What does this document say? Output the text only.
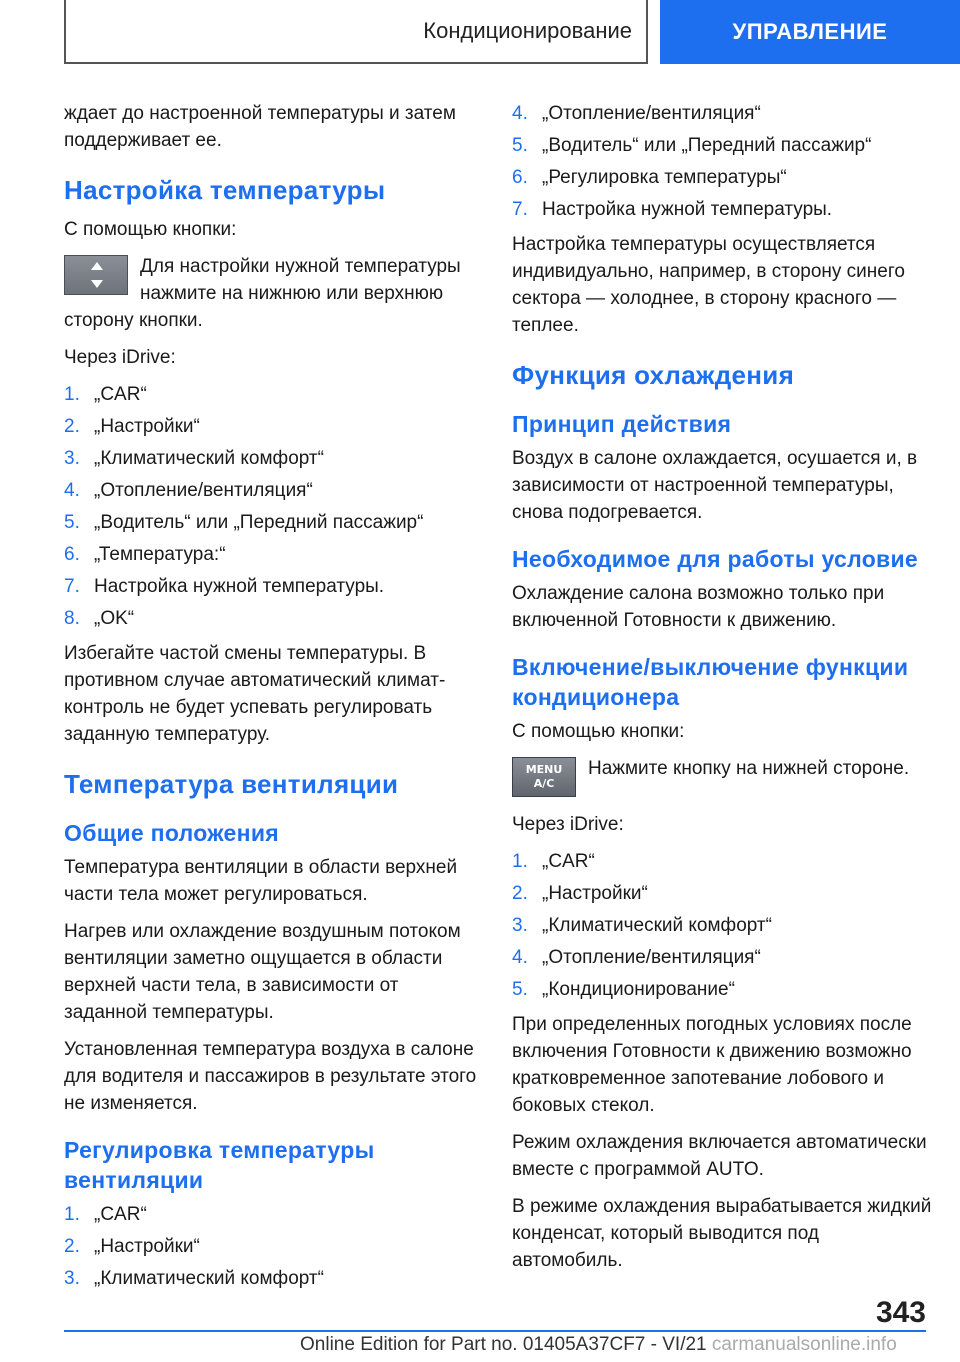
Кондиционирование	УПРАВЛЕНИЕ

ждает до настроенной температуры и затем поддерживает ее.

Настройка температуры

С помощью кнопки:

Для настройки нужной температуры нажмите на нижнюю или верхнюю сторону кнопки.

Через iDrive:

1. „CAR“
2. „Настройки“
3. „Климатический комфорт“
4. „Отопление/вентиляция“
5. „Водитель“ или „Передний пассажир“
6. „Температура:“
7. Настройка нужной температуры.
8. „OK“

Избегайте частой смены температуры. В противном случае автоматический климат-контроль не будет успевать регулировать заданную температуру.

Температура вентиляции
Общие положения

Температура вентиляции в области верхней части тела может регулироваться.

Нагрев или охлаждение воздушным потоком вентиляции заметно ощущается в области верхней части тела, в зависимости от заданной температуры.

Установленная температура воздуха в салоне для водителя и пассажиров в результате этого не изменяется.

Регулировка температуры вентиляции
1. „CAR“
2. „Настройки“
3. „Климатический комфорт“
4. „Отопление/вентиляция“
5. „Водитель“ или „Передний пассажир“
6. „Регулировка температуры“
7. Настройка нужной температуры.

Настройка температуры осуществляется индивидуально, например, в сторону синего сектора — холоднее, в сторону красного — теплее.

Функция охлаждения
Принцип действия

Воздух в салоне охлаждается, осушается и, в зависимости от настроенной температуры, снова подогревается.

Необходимое для работы условие

Охлаждение салона возможно только при включенной Готовности к движению.

Включение/выключение функции кондиционера

С помощью кнопки:

MENU
A/C
Нажмите кнопку на нижней стороне.

Через iDrive:

1. „CAR“
2. „Настройки“
3. „Климатический комфорт“
4. „Отопление/вентиляция“
5. „Кондиционирование“

При определенных погодных условиях после включения Готовности к движению возможно кратковременное запотевание лобового и боковых стекол.

Режим охлаждения включается автоматически вместе с программой AUTO.

В режиме охлаждения вырабатывается жидкий конденсат, который выводится под автомобиль.

343
Online Edition for Part no. 01405A37CF7 - VI/21 carmanualsonline.info
